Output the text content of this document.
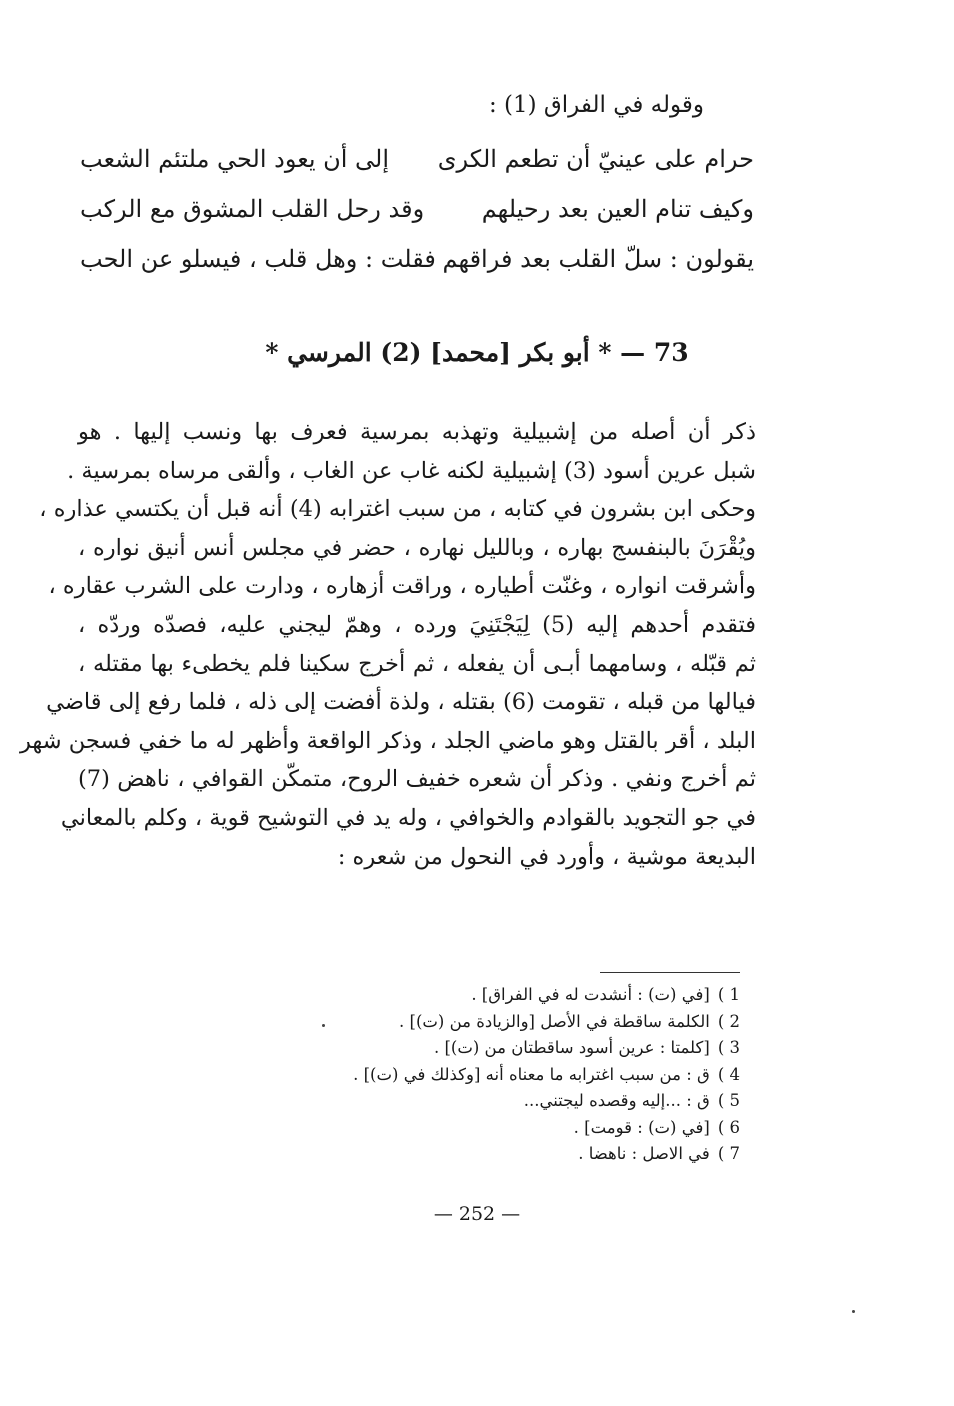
وقوله في الفراق (1) :
حرام على عينيّ أن تطعم الكرى
إلى أن يعود الحي ملتئم الشعب
وكيف تنام العين بعد رحيلهم
وقد رحل القلب المشوق مع الركب
يقولون : سلّ القلب بعد فراقهم
فقلت : وهل قلب ، فيسلو عن الحب
73 — * أبو بكر [محمد] (2) المرسي *
ذكر أن أصله من إشبيلية وتهذبه بمرسية فعرف بها ونسب إليها . هو
شبل عرين أسود (3) إشبيلية لكنه غاب عن الغاب ، وألقى مرساه بمرسية .
وحكى ابن بشرون في كتابه ، من سبب اغترابه (4) أنه قبل أن يكتسي عذاره ،
ويُقْرَنَ بالبنفسج بهاره ، وبالليل نهاره ، حضر في مجلس أنس أنيق نواره ،
وأشرقت انواره ، وغنّت أطياره ، وراقت أزهاره ، ودارت على الشرب عقاره ،
فتقدم أحدهم إليه (5) لِيَجْتَنِيَ ورده ، وهمّ ليجني عليه، فصدّه وردّه ،
ثم قبّله ، وسامهما أبـى أن يفعله ، ثم أخرج سكينا فلم يخطىء بها مقتله ،
فيالها من قبله ، تقومت (6) بقتله ، ولذة أفضت إلى ذله ، فلما رفع إلى قاضي
البلد ، أقر بالقتل وهو ماضي الجلد ، وذكر الواقعة وأظهر له ما خفي فسجن شهر
ثم أخرج ونفي . وذكر أن شعره خفيف الروح، متمكّن القوافي ، ناهض (7)
في جو التجويد بالقوادم والخوافي ، وله يد في التوشيح قوية ، وكلم بالمعاني
البديعة موشية ، وأورد في النحول من شعره :
1 )[في (ت) : أنشدت له في الفراق] .
2 )الكلمة ساقطة في الأصل [والزيادة من (ت)] .
3 )[كلمتا : عرين أسود ساقطتان من (ت)] .
4 )ق : من سبب اغترابه ما معناه أنه [وكذلك في (ت)] .
5 )ق : ...إليه وقصده ليجتني...
6 )[في (ت) : قومت] .
7 )في الاصل : ناهضا .
— 252 —
